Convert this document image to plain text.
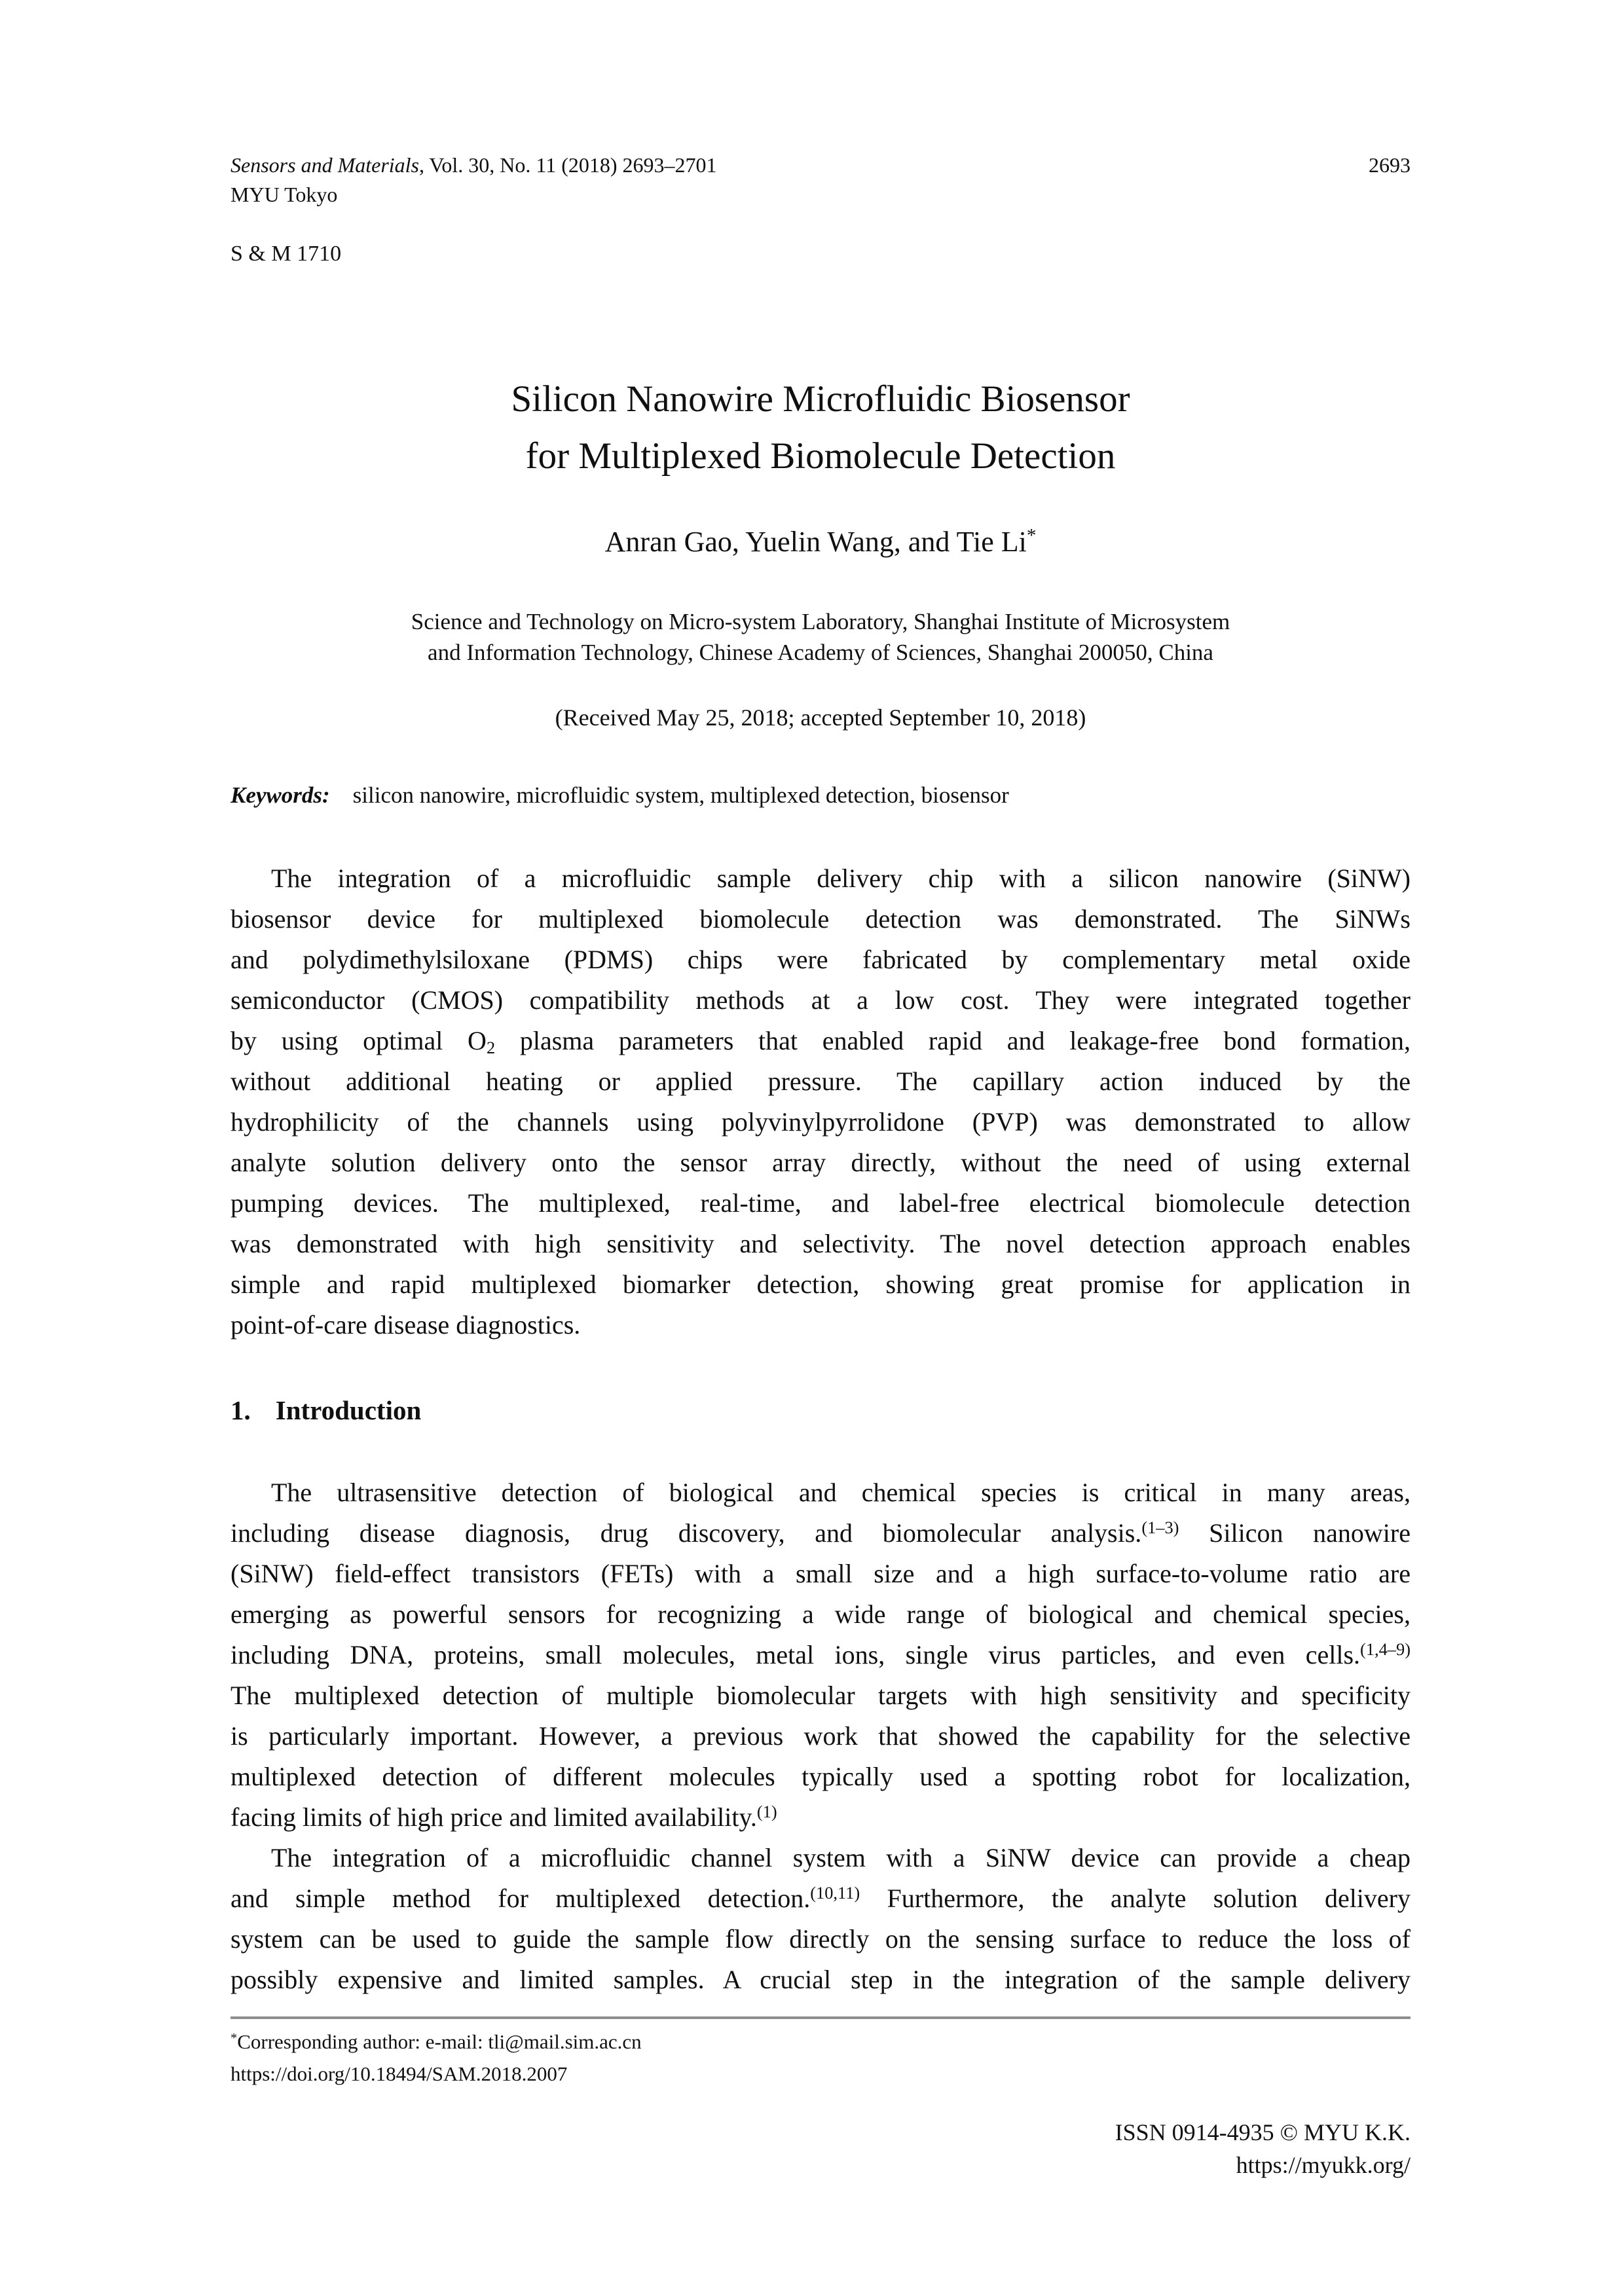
Sensors and Materials, Vol. 30, No. 11 (2018) 2693–2701
MYU Tokyo
2693
S & M 1710
Silicon Nanowire Microfluidic Biosensor
for Multiplexed Biomolecule Detection
Anran Gao, Yuelin Wang, and Tie Li*
Science and Technology on Micro-system Laboratory, Shanghai Institute of Microsystem
and Information Technology, Chinese Academy of Sciences, Shanghai 200050, China
(Received May 25, 2018; accepted September 10, 2018)
Keywords: silicon nanowire, microfluidic system, multiplexed detection, biosensor
The integration of a microfluidic sample delivery chip with a silicon nanowire (SiNW)
biosensor device for multiplexed biomolecule detection was demonstrated. The SiNWs
and polydimethylsiloxane (PDMS) chips were fabricated by complementary metal oxide
semiconductor (CMOS) compatibility methods at a low cost. They were integrated together
by using optimal $O_2$ plasma parameters that enabled rapid and leakage-free bond formation,
without additional heating or applied pressure. The capillary action induced by the
hydrophilicity of the channels using polyvinylpyrrolidone (PVP) was demonstrated to allow
analyte solution delivery onto the sensor array directly, without the need of using external
pumping devices. The multiplexed, real-time, and label-free electrical biomolecule detection
was demonstrated with high sensitivity and selectivity. The novel detection approach enables
simple and rapid multiplexed biomarker detection, showing great promise for application in
point-of-care disease diagnostics.
1. Introduction
The ultrasensitive detection of biological and chemical species is critical in many areas,
including disease diagnosis, drug discovery, and biomolecular analysis.$^{(1-3)}$ Silicon nanowire
(SiNW) field-effect transistors (FETs) with a small size and a high surface-to-volume ratio are
emerging as powerful sensors for recognizing a wide range of biological and chemical species,
including DNA, proteins, small molecules, metal ions, single virus particles, and even cells.$^{(1,4-9)}$
The multiplexed detection of multiple biomolecular targets with high sensitivity and specificity
is particularly important. However, a previous work that showed the capability for the selective
multiplexed detection of different molecules typically used a spotting robot for localization,
facing limits of high price and limited availability.$^{(1)}$
The integration of a microfluidic channel system with a SiNW device can provide a cheap
and simple method for multiplexed detection.$^{(10,11)}$ Furthermore, the analyte solution delivery
system can be used to guide the sample flow directly on the sensing surface to reduce the loss of
possibly expensive and limited samples. A crucial step in the integration of the sample delivery
*Corresponding author: e-mail: tli@mail.sim.ac.cn
https://doi.org/10.18494/SAM.2018.2007
ISSN 0914-4935 © MYU K.K.
https://myukk.org/
